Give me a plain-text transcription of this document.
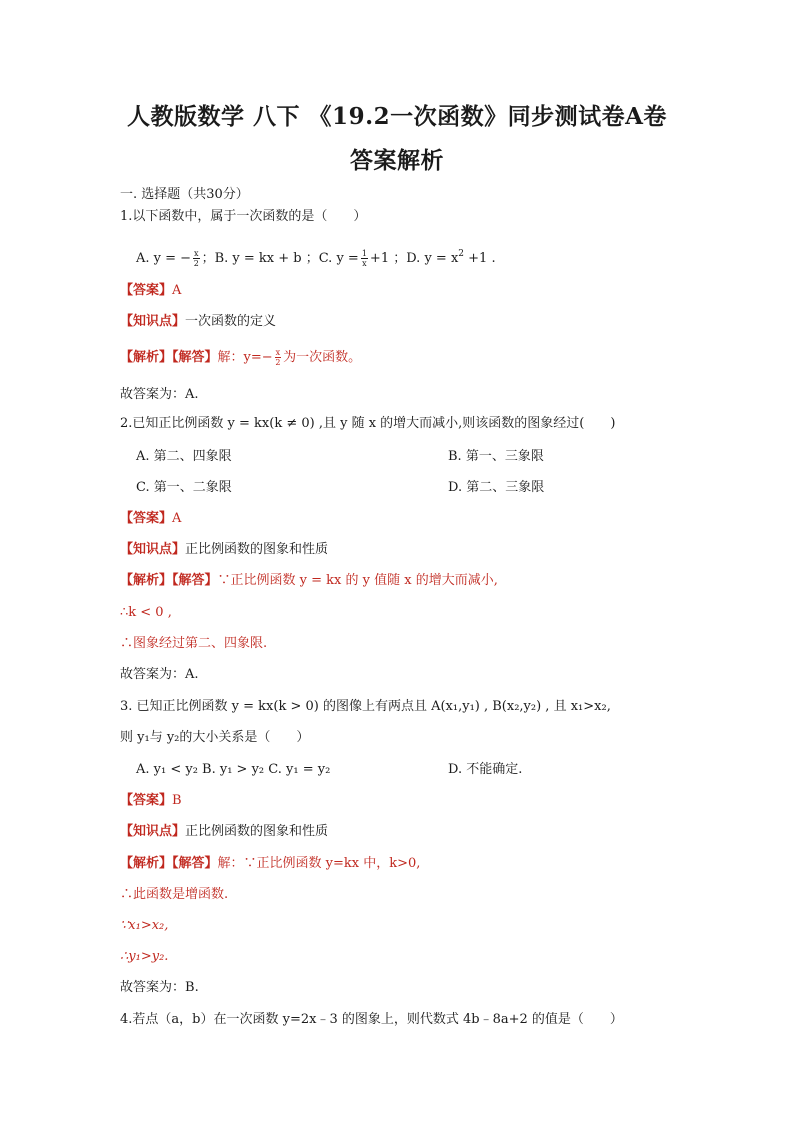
人教版数学 八下 《19.2一次函数》同步测试卷A卷
答案解析
一. 选择题（共30分）
1.以下函数中，属于一次函数的是（　　）
A. y = − $\frac{x}{2}$ ；B. y = kx + b ；C. $y = \frac{1}{x} +1$ ；D. $y = x^2 +1$ .
【答案】A
【知识点】一次函数的定义
【解析】【解答】解：$y=- \frac{x}{2}$ 为一次函数。
故答案为：A.
2.已知正比例函数 y = kx(k ≠ 0) ,且 y 随 x 的增大而减小,则该函数的图象经过(　　)
A. 第二、四象限	B. 第一、三象限
C. 第一、二象限	D. 第二、三象限
【答案】A
【知识点】正比例函数的图象和性质
【解析】【解答】∵正比例函数 y = kx 的 y 值随 x 的增大而减小,
∴k < 0 ,
∴图象经过第二、四象限.
故答案为：A.
3. 已知正比例函数 y = kx(k > 0) 的图像上有两点且 A(x₁,y₁) , B(x₂,y₂) , 且 x₁>x₂,
则 y₁与 y₂的大小关系是（　　）
A. y₁ < y₂ B. y₁ > y₂ C. y₁ = y₂	D. 不能确定.
【答案】B
【知识点】正比例函数的图象和性质
【解析】【解答】解：∵正比例函数 y=kx 中，k>0,
∴此函数是增函数.
∵x₁>x₂,
∴y₁>y₂.
故答案为：B.
4.若点（a，b）在一次函数 y=2x﹣3 的图象上，则代数式 4b﹣8a+2 的值是（　　）
